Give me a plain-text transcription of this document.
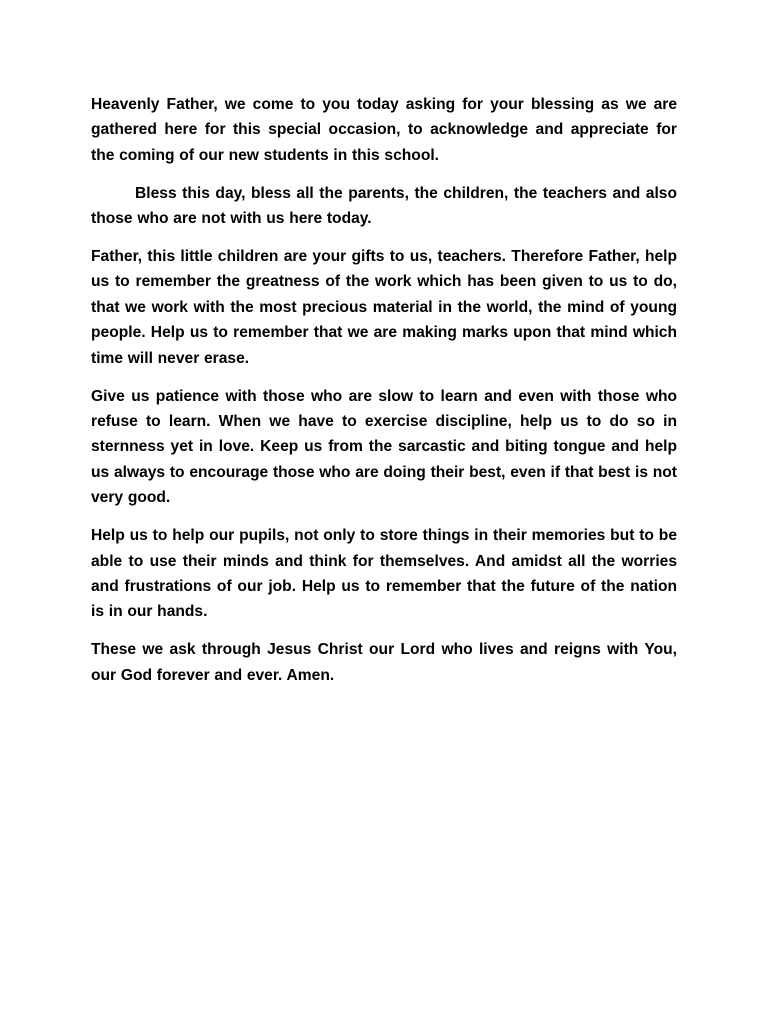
Heavenly Father, we come to you today asking for your blessing as we are gathered here for this special occasion, to acknowledge and appreciate for the coming of our new students in this school.

Bless this day, bless all the parents, the children, the teachers and also those who are not with us here today.

Father, this little children are your gifts to us, teachers. Therefore Father, help us to remember the greatness of the work which has been given to us to do, that we work with the most precious material in the world, the mind of young people. Help us to remember that we are making marks upon that mind which time will never erase.

Give us patience with those who are slow to learn and even with those who refuse to learn. When we have to exercise discipline, help us to do so in sternness yet in love. Keep us from the sarcastic and biting tongue and help us always to encourage those who are doing their best, even if that best is not very good.

Help us to help our pupils, not only to store things in their memories but to be able to use their minds and think for themselves. And amidst all the worries and frustrations of our job. Help us to remember that the future of the nation is in our hands.

These we ask through Jesus Christ our Lord who lives and reigns with You, our God forever and ever. Amen.
